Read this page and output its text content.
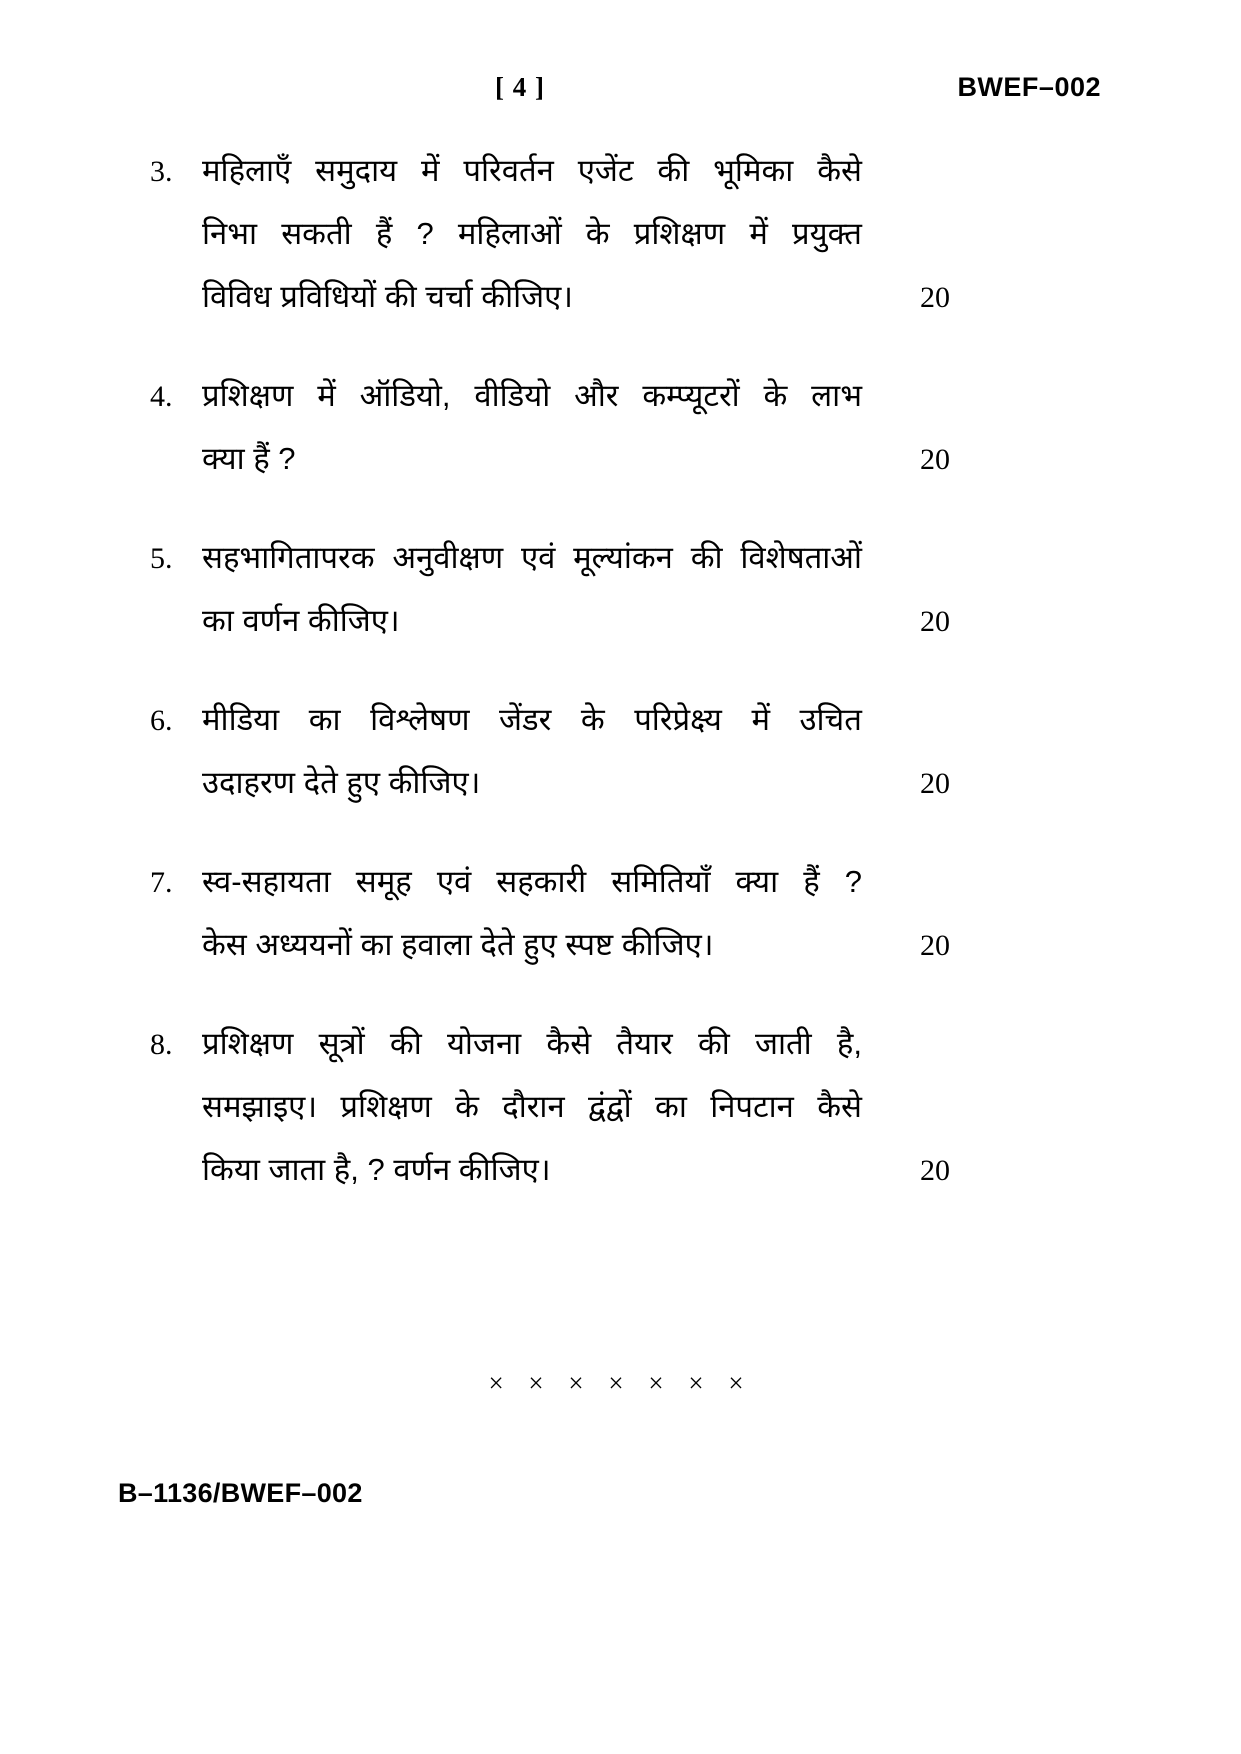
[ 4 ]	BWEF–002
3. महिलाएँ समुदाय में परिवर्तन एजेंट की भूमिका कैसे
निभा सकती हैं ? महिलाओं के प्रशिक्षण में प्रयुक्त
विविध प्रविधियों की चर्चा कीजिए।	20
4. प्रशिक्षण में ऑडियो, वीडियो और कम्प्यूटरों के लाभ
क्या हैं ?	20
5. सहभागितापरक अनुवीक्षण एवं मूल्यांकन की विशेषताओं
का वर्णन कीजिए।	20
6. मीडिया का विश्लेषण जेंडर के परिप्रेक्ष्य में उचित
उदाहरण देते हुए कीजिए।	20
7. स्व-सहायता समूह एवं सहकारी समितियाँ क्या हैं ?
केस अध्ययनों का हवाला देते हुए स्पष्ट कीजिए।	20
8. प्रशिक्षण सूत्रों की योजना कैसे तैयार की जाती है,
समझाइए। प्रशिक्षण के दौरान द्वंद्वों का निपटान कैसे
किया जाता है, ? वर्णन कीजिए।	20
× × × × × × ×
B–1136/BWEF–002
